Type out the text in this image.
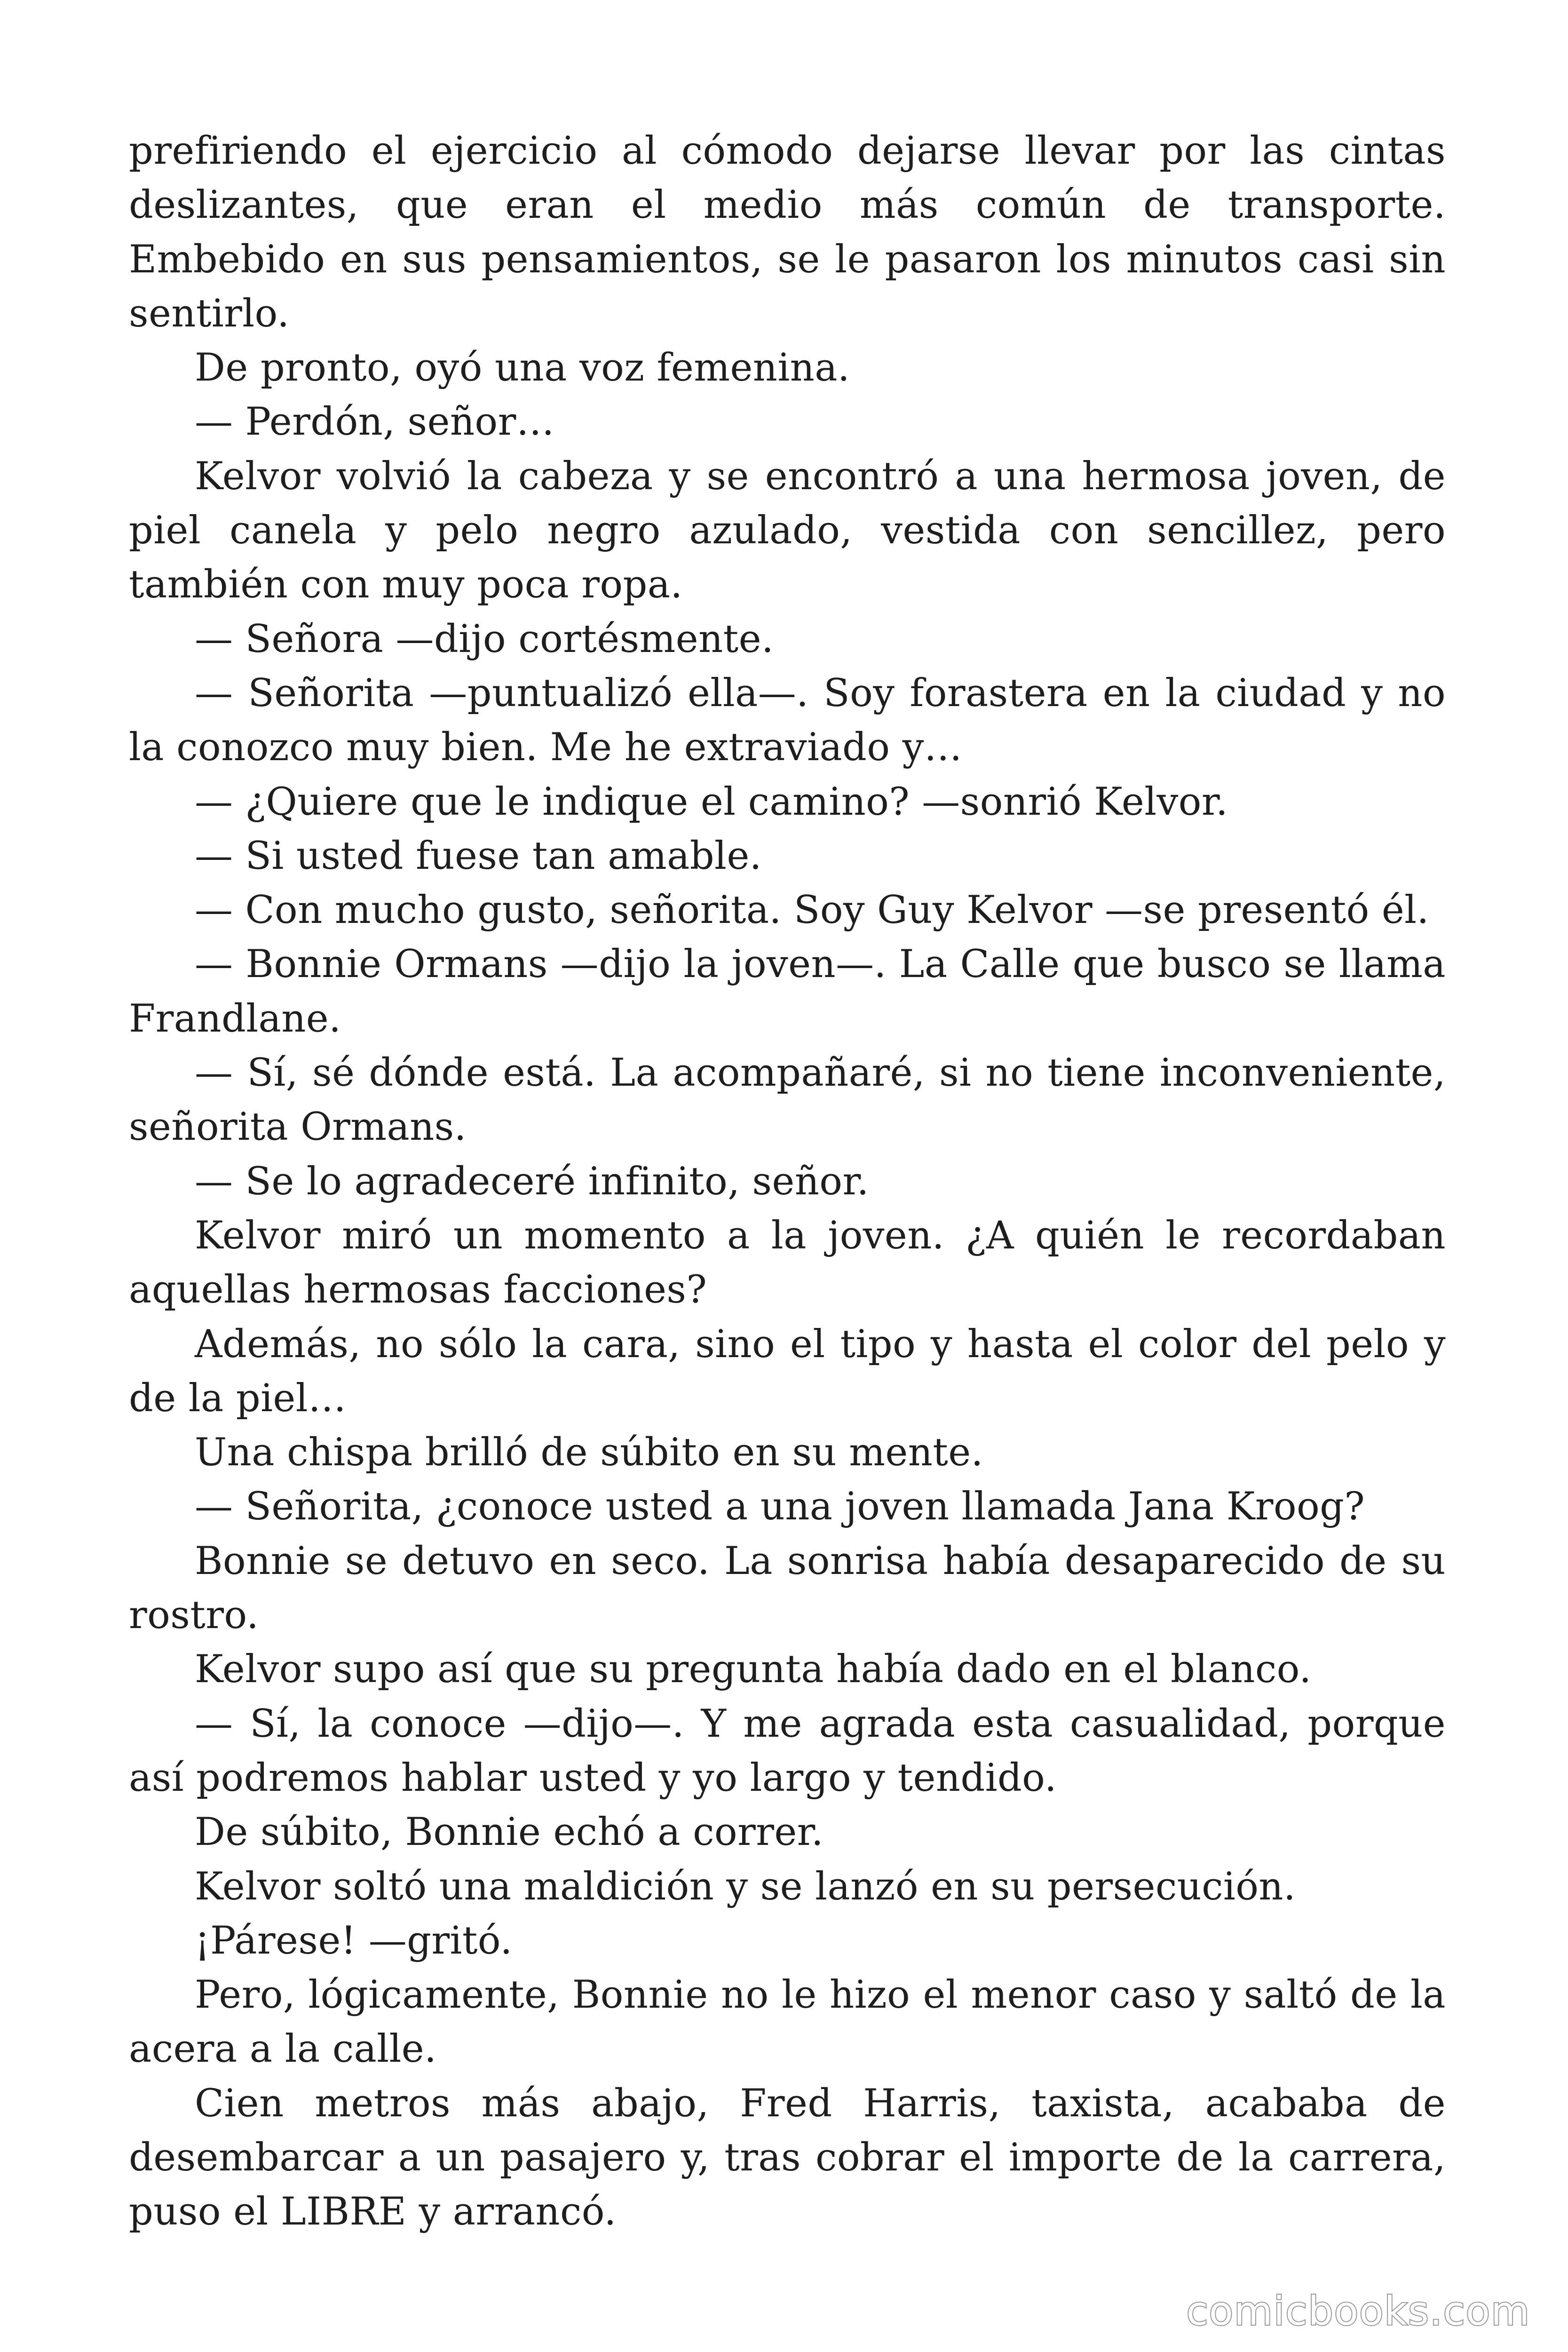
prefiriendo el ejercicio al cómodo dejarse llevar por las cintas deslizantes, que eran el medio más común de transporte. Embebido en sus pensamientos, se le pasaron los minutos casi sin sentirlo.

De pronto, oyó una voz femenina.

— Perdón, señor…

Kelvor volvió la cabeza y se encontró a una hermosa joven, de piel canela y pelo negro azulado, vestida con sencillez, pero también con muy poca ropa.

— Señora —dijo cortésmente.

— Señorita —puntualizó ella—. Soy forastera en la ciudad y no la conozco muy bien. Me he extraviado y…

— ¿Quiere que le indique el camino? —sonrió Kelvor.

— Si usted fuese tan amable.

— Con mucho gusto, señorita. Soy Guy Kelvor —se presentó él.

— Bonnie Ormans —dijo la joven—. La Calle que busco se llama Frandlane.

— Sí, sé dónde está. La acompañaré, si no tiene inconveniente, señorita Ormans.

— Se lo agradeceré infinito, señor.

Kelvor miró un momento a la joven. ¿A quién le recordaban aquellas hermosas facciones?

Además, no sólo la cara, sino el tipo y hasta el color del pelo y de la piel…

Una chispa brilló de súbito en su mente.

— Señorita, ¿conoce usted a una joven llamada Jana Kroog?

Bonnie se detuvo en seco. La sonrisa había desaparecido de su rostro.

Kelvor supo así que su pregunta había dado en el blanco.

— Sí, la conoce —dijo—. Y me agrada esta casualidad, porque así podremos hablar usted y yo largo y tendido.

De súbito, Bonnie echó a correr.

Kelvor soltó una maldición y se lanzó en su persecución.

¡Párese! —gritó.

Pero, lógicamente, Bonnie no le hizo el menor caso y saltó de la acera a la calle.

Cien metros más abajo, Fred Harris, taxista, acababa de desembarcar a un pasajero y, tras cobrar el importe de la carrera, puso el LIBRE y arrancó.

comicbooks.com
